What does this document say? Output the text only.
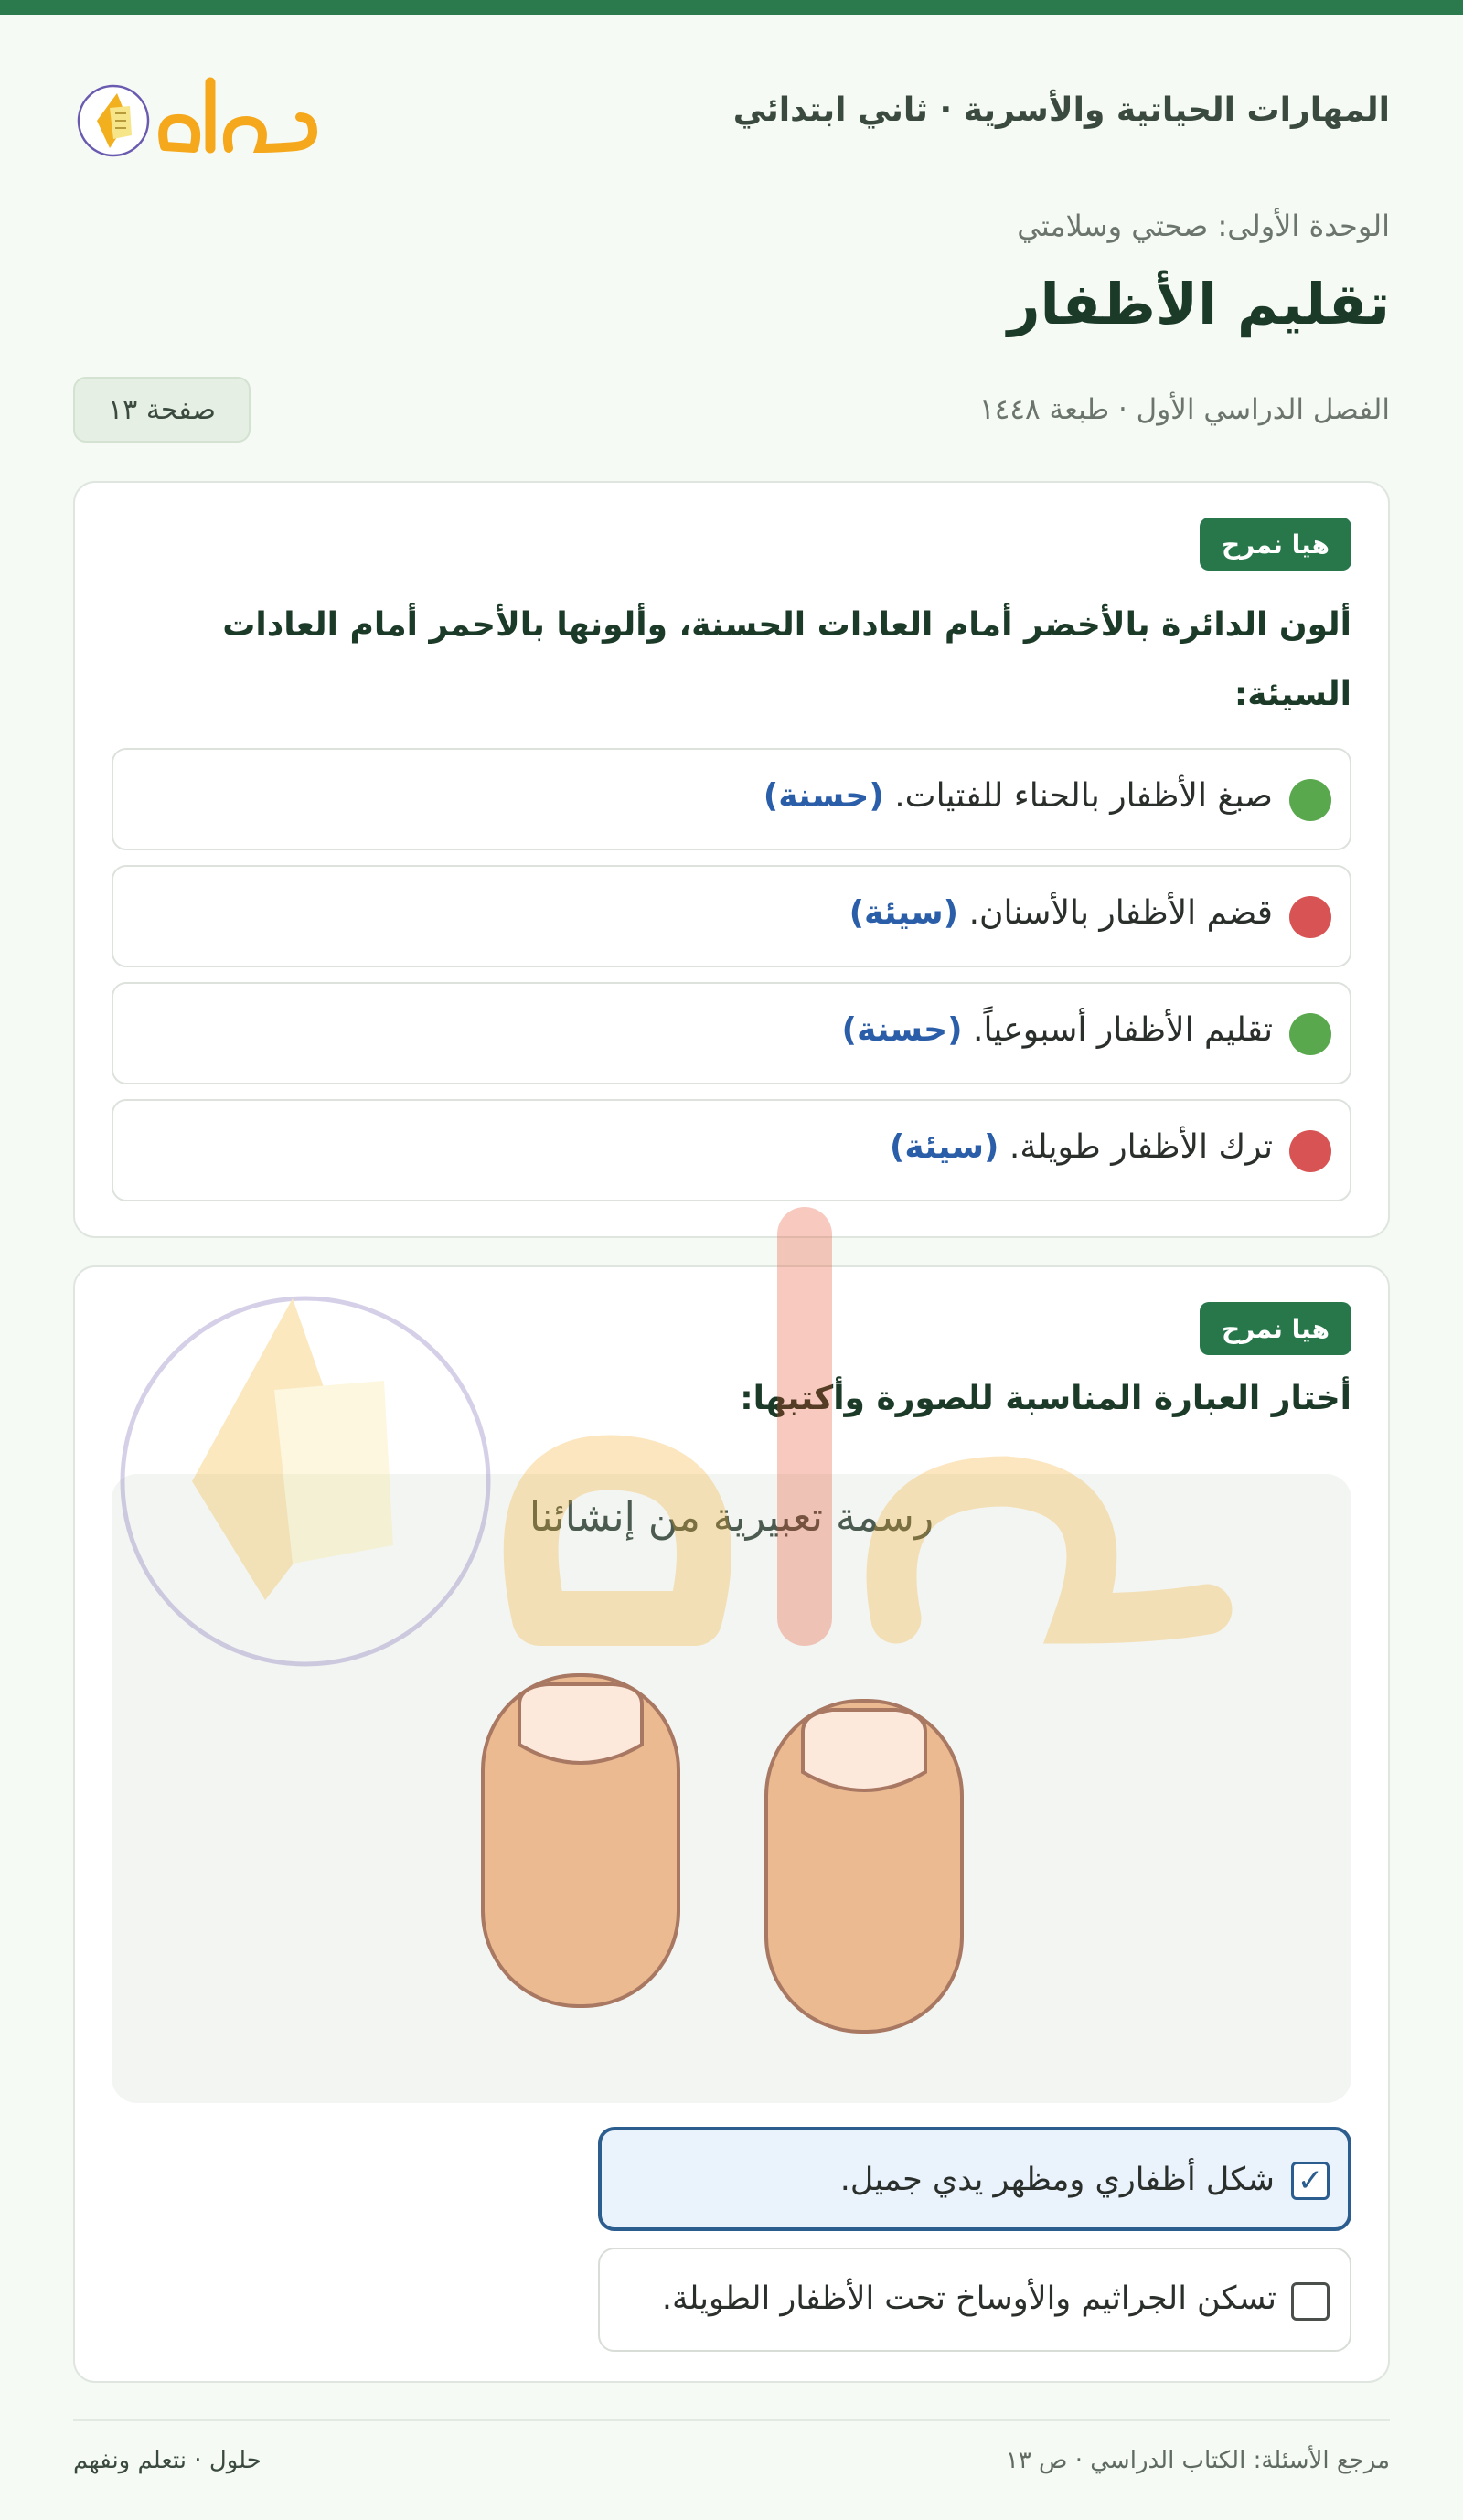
المهارات الحياتية والأسرية · ثاني ابتدائي
الوحدة الأولى: صحتي وسلامتي
تقليم الأظفار
الفصل الدراسي الأول · طبعة ١٤٤٨
صفحة ١٣
هيا نمرح
ألون الدائرة بالأخضر أمام العادات الحسنة، وألونها بالأحمر أمام العادات السيئة:
صبغ الأظفار بالحناء للفتيات. (حسنة)
قضم الأظفار بالأسنان. (سيئة)
تقليم الأظفار أسبوعياً. (حسنة)
ترك الأظفار طويلة. (سيئة)
هيا نمرح
أختار العبارة المناسبة للصورة وأكتبها:
رسمة تعبيرية من إنشائنا
✓
شكل أظفاري ومظهر يدي جميل.
تسكن الجراثيم والأوساخ تحت الأظفار الطويلة.
مرجع الأسئلة: الكتاب الدراسي · ص ١٣
حلول · نتعلم ونفهم
